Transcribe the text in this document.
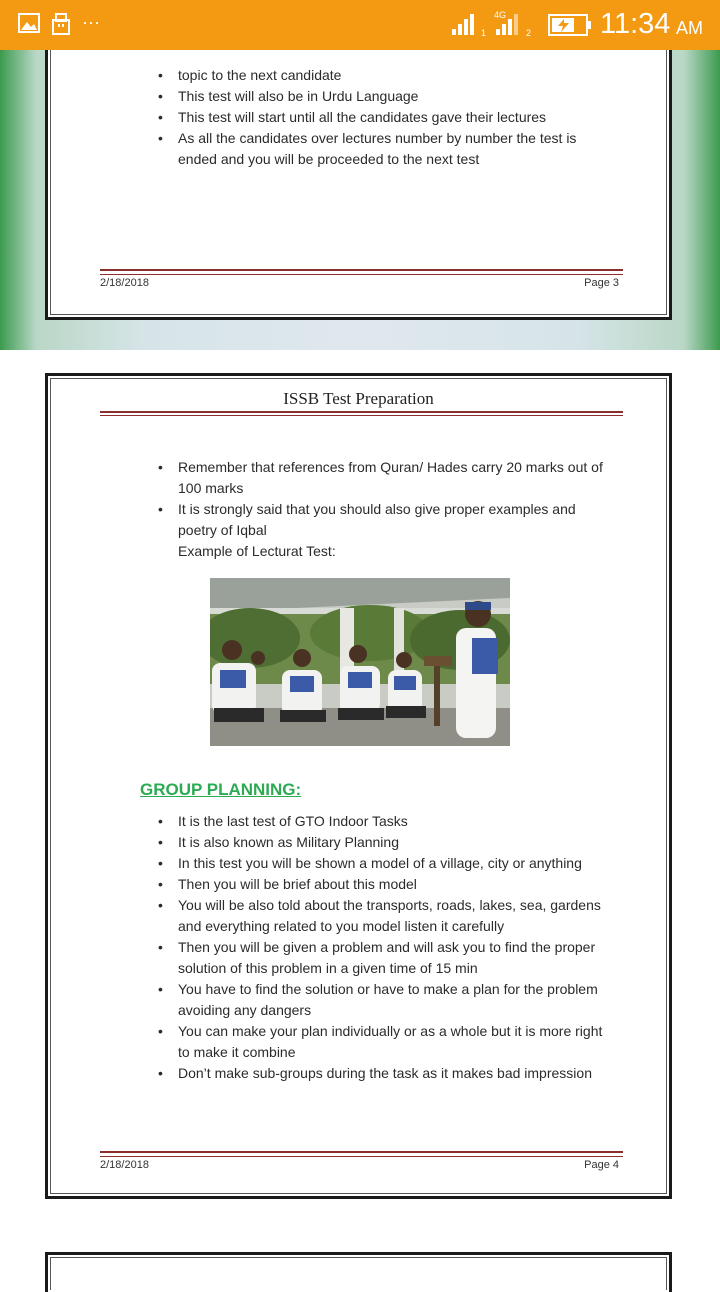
···
1
4G
2 11:34 AM
• topic to the next candidate
• This test will also be in Urdu Language
• This test will start until all the candidates gave their lectures
• As all the candidates over lectures number by number the test is ended and you will be proceeded to the next test
2/18/2018	Page 3
ISSB Test Preparation
• Remember that references from Quran/ Hades carry 20 marks out of 100 marks
• It is strongly said that you should also give proper examples and poetry of Iqbal
Example of Lecturat Test:
GROUP PLANNING:
• It is the last test of GTO Indoor Tasks
• It is also known as Military Planning
• In this test you will be shown a model of a village, city or anything
• Then you will be brief about this model
• You will be also told about the transports, roads, lakes, sea, gardens and everything related to you model listen it carefully
• Then you will be given a problem and will ask you to find the proper solution of this problem in a given time of 15 min
• You have to find the solution or have to make a plan for the problem avoiding any dangers
• You can make your plan individually or as a whole but it is more right to make it combine
• Don’t make sub-groups during the task as it makes bad impression
2/18/2018	Page 4
